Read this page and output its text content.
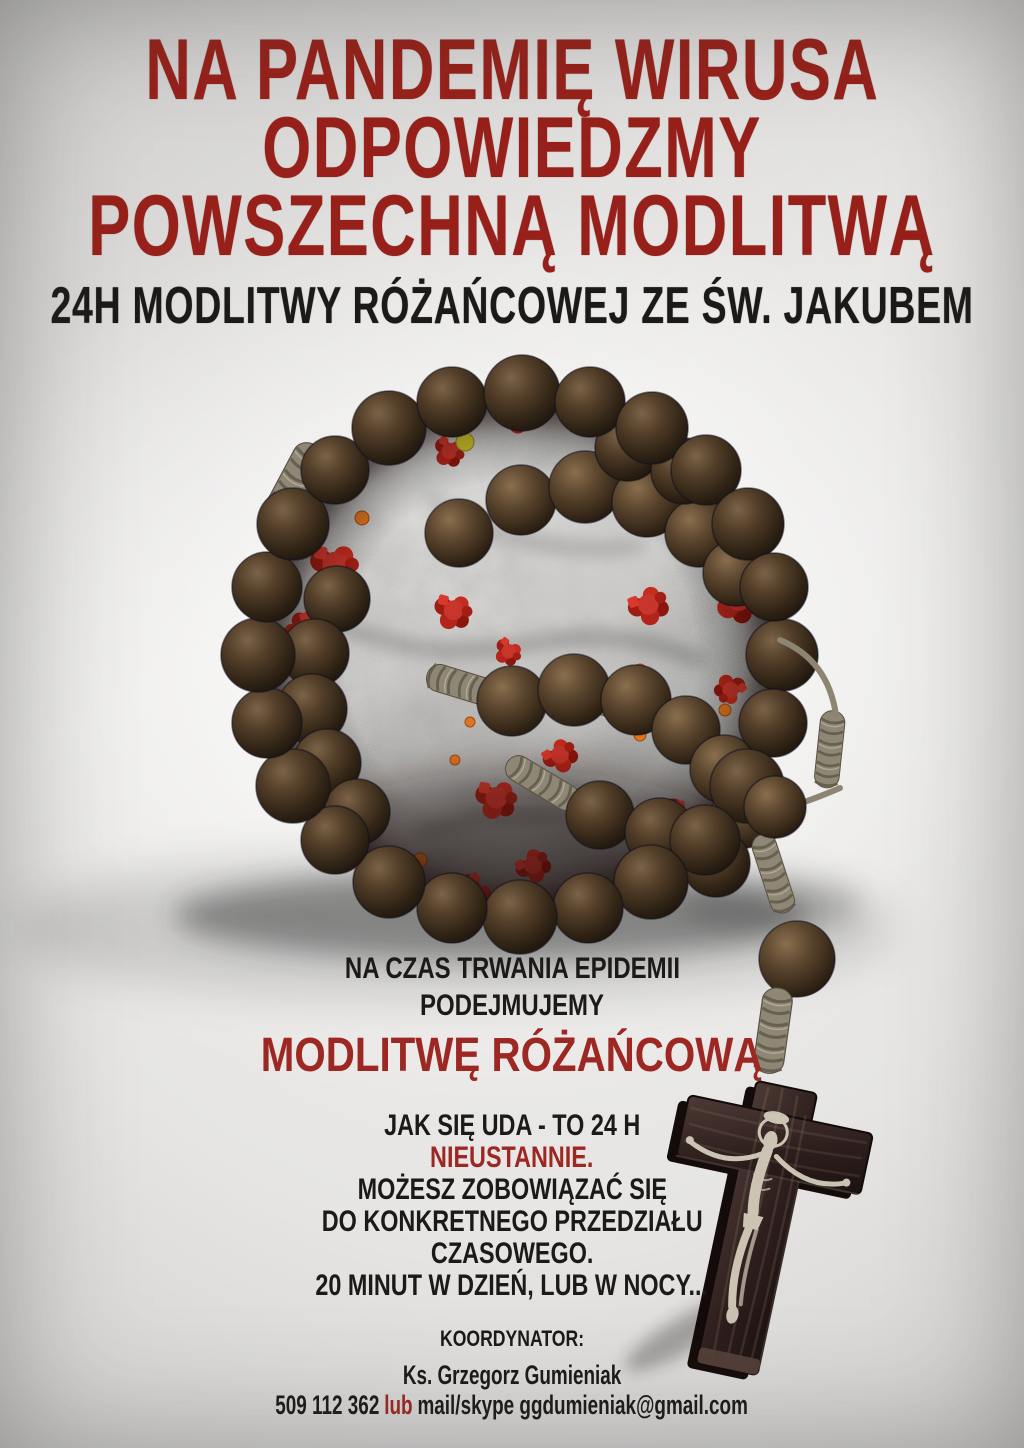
NA PANDEMIĘ WIRUSA
ODPOWIEDZMY
POWSZECHNĄ MODLITWĄ
24H MODLITWY RÓŻAŃCOWEJ ZE ŚW. JAKUBEM
NA CZAS TRWANIA EPIDEMII
PODEJMUJEMY
MODLITWĘ RÓŻAŃCOWĄ
JAK SIĘ UDA - TO 24 H
NIEUSTANNIE.
MOŻESZ ZOBOWIĄZAĆ SIĘ
DO KONKRETNEGO PRZEDZIAŁU
CZASOWEGO.
20 MINUT W DZIEŃ, LUB W NOCY...
KOORDYNATOR:
Ks. Grzegorz Gumieniak
509 112 362 lub mail/skype ggdumieniak@gmail.com
